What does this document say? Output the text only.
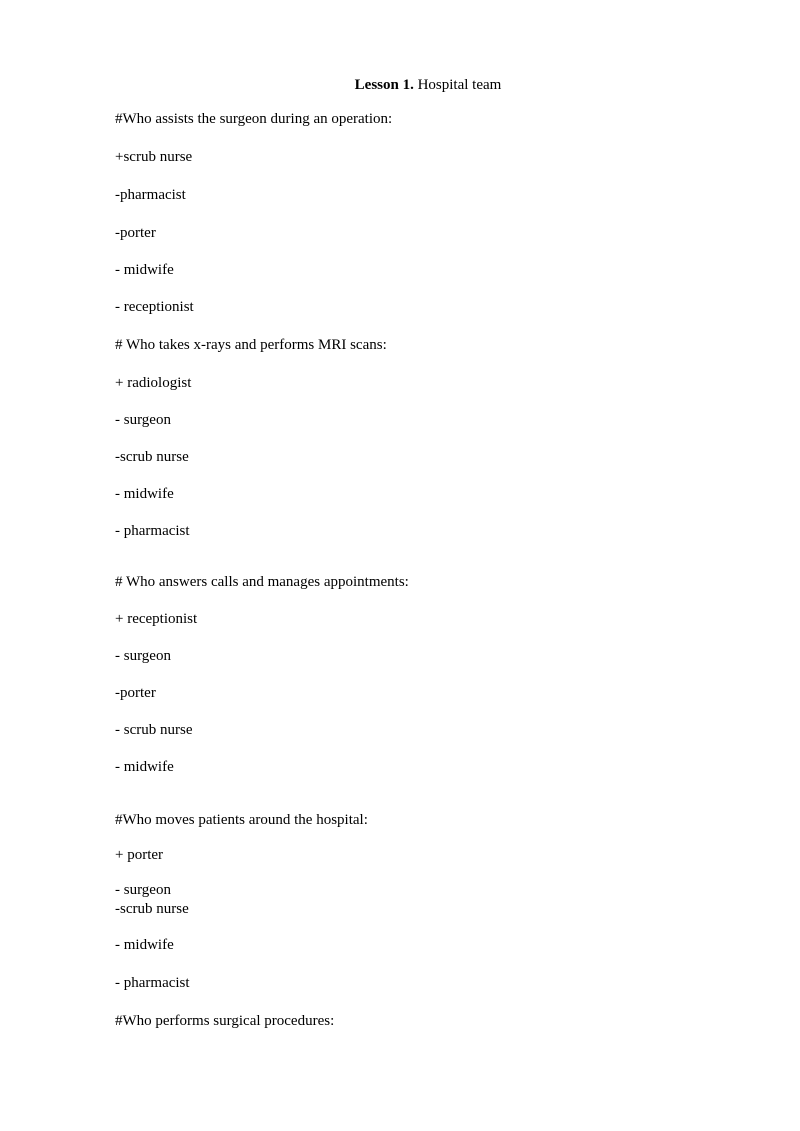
Lesson 1. Hospital team
#Who assists the surgeon during an operation:
+scrub nurse
-pharmacist
-porter
- midwife
- receptionist
# Who takes x-rays and performs MRI scans:
+ radiologist
- surgeon
-scrub nurse
- midwife
- pharmacist
# Who answers calls and manages appointments:
+ receptionist
- surgeon
-porter
- scrub nurse
- midwife
#Who moves patients around the hospital:
+ porter
- surgeon
-scrub nurse
- midwife
- pharmacist
#Who performs surgical procedures:
